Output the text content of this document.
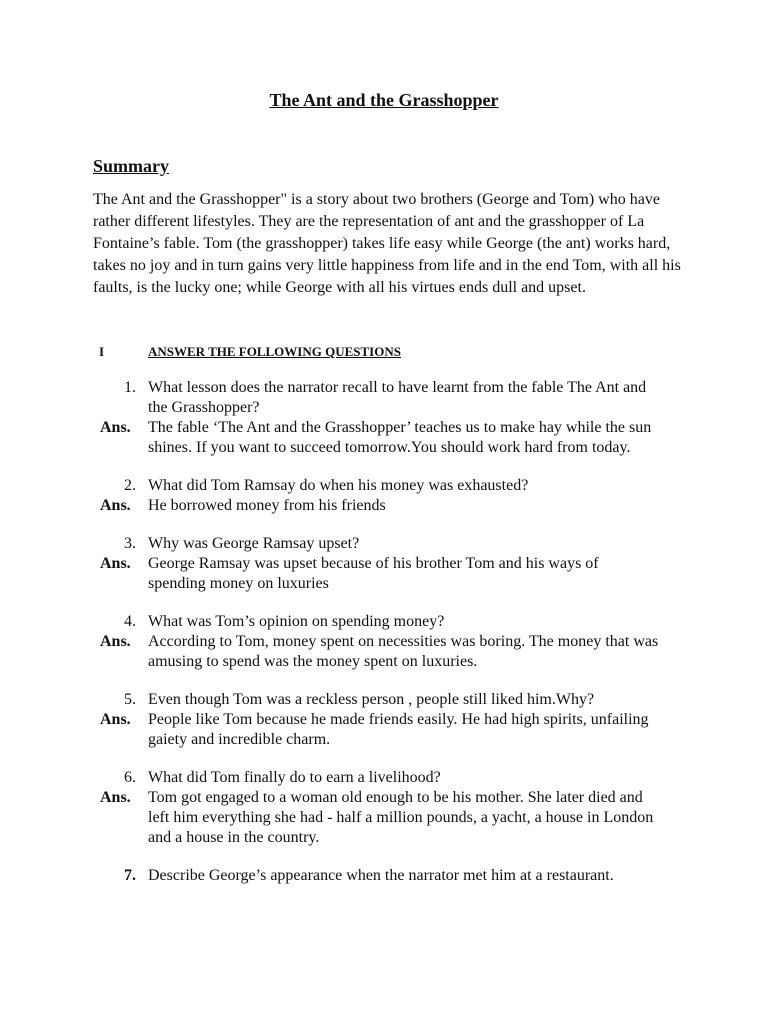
The Ant and the Grasshopper
Summary
The Ant and the Grasshopper" is a story about two brothers (George and Tom) who have rather different lifestyles. They are the representation of ant and the grasshopper of La Fontaine’s fable. Tom (the grasshopper) takes life easy while George (the ant) works hard, takes no joy and in turn gains very little happiness from life and in the end Tom, with all his faults, is the lucky one; while George with all his virtues ends dull and upset.
I	ANSWER THE FOLLOWING QUESTIONS
1. What lesson does the narrator recall to have learnt from the fable The Ant and
the Grasshopper?
Ans. The fable ‘The Ant and the Grasshopper’ teaches us to make hay while the sun
shines. If you want to succeed tomorrow.You should work hard from today.
2. What did Tom Ramsay do when his money was exhausted?
Ans. He borrowed money from his friends
3. Why was George Ramsay upset?
Ans. George Ramsay was upset because of his brother Tom and his ways of
spending money on luxuries
4. What was Tom’s opinion on spending money?
Ans. According to Tom, money spent on necessities was boring. The money that was
amusing to spend was the money spent on luxuries.
5. Even though Tom was a reckless person , people still liked him.Why?
Ans. People like Tom because he made friends easily. He had high spirits, unfailing
gaiety and incredible charm.
6. What did Tom finally do to earn a livelihood?
Ans. Tom got engaged to a woman old enough to be his mother. She later died and
left him everything she had - half a million pounds, a yacht, a house in London
and a house in the country.
7. Describe George’s appearance when the narrator met him at a restaurant.
